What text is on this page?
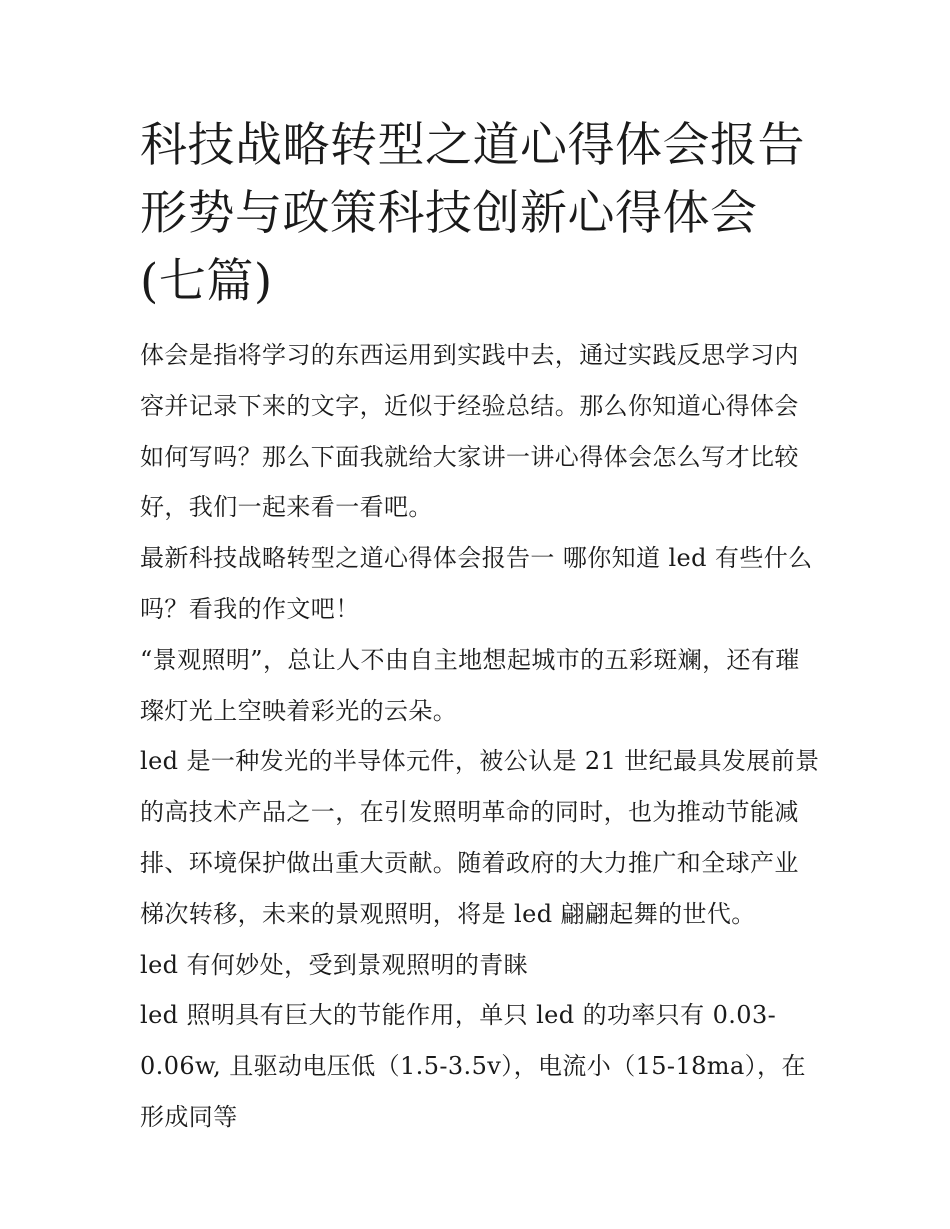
科技战略转型之道心得体会报告 形势与政策科技创新心得体会(七篇)

体会是指将学习的东西运用到实践中去，通过实践反思学习内容并记录下来的文字，近似于经验总结。那么你知道心得体会如何写吗？那么下面我就给大家讲一讲心得体会怎么写才比较好，我们一起来看一看吧。

最新科技战略转型之道心得体会报告一 哪你知道 led 有些什么吗？看我的作文吧！

“景观照明”，总让人不由自主地想起城市的五彩斑斓，还有璀璨灯光上空映着彩光的云朵。

led 是一种发光的半导体元件，被公认是 21 世纪最具发展前景的高技术产品之一，在引发照明革命的同时，也为推动节能减排、环境保护做出重大贡献。随着政府的大力推广和全球产业梯次转移，未来的景观照明，将是 led 翩翩起舞的世代。

led 有何妙处，受到景观照明的青睐

led 照明具有巨大的节能作用，单只 led 的功率只有 0.03-0.06w, 且驱动电压低（1.5-3.5v），电流小（15-18ma），在形成同等
